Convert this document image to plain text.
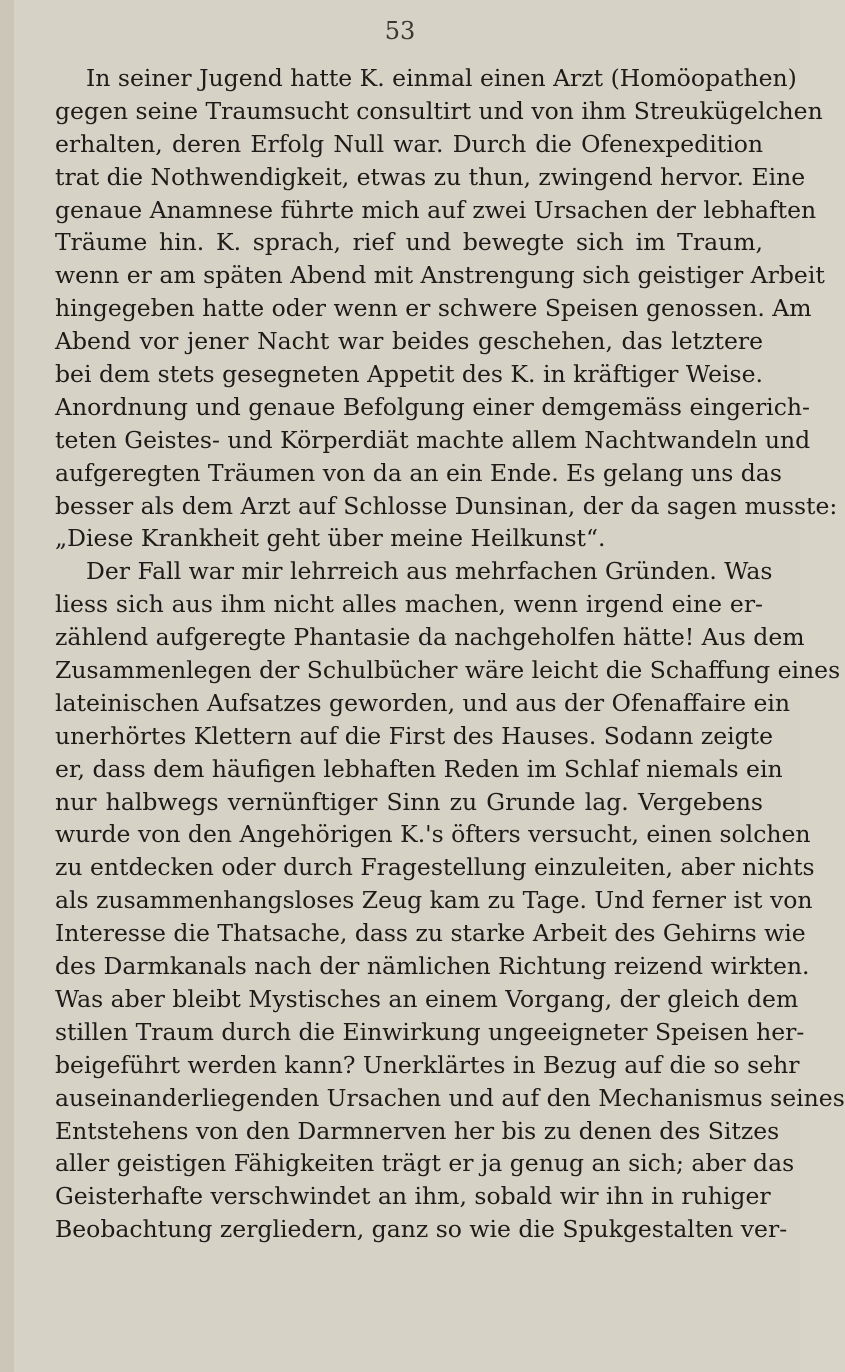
53
In seiner Jugend hatte K. einmal einen Arzt (Homöopathen)
gegen seine Traumsucht consultirt und von ihm Streukügelchen
erhalten, deren Erfolg Null war. Durch die Ofenexpedition
trat die Nothwendigkeit, etwas zu thun, zwingend hervor. Eine
genaue Anamnese führte mich auf zwei Ursachen der lebhaften
Träume hin. K. sprach, rief und bewegte sich im Traum,
wenn er am späten Abend mit Anstrengung sich geistiger Arbeit
hingegeben hatte oder wenn er schwere Speisen genossen. Am
Abend vor jener Nacht war beides geschehen, das letztere
bei dem stets gesegneten Appetit des K. in kräftiger Weise.
Anordnung und genaue Befolgung einer demgemäss eingerich-
teten Geistes- und Körperdiät machte allem Nachtwandeln und
aufgeregten Träumen von da an ein Ende. Es gelang uns das
besser als dem Arzt auf Schlosse Dunsinan, der da sagen musste:
„Diese Krankheit geht über meine Heilkunst“.
Der Fall war mir lehrreich aus mehrfachen Gründen. Was
liess sich aus ihm nicht alles machen, wenn irgend eine er-
zählend aufgeregte Phantasie da nachgeholfen hätte! Aus dem
Zusammenlegen der Schulbücher wäre leicht die Schaffung eines
lateinischen Aufsatzes geworden, und aus der Ofenaffaire ein
unerhörtes Klettern auf die First des Hauses. Sodann zeigte
er, dass dem häufigen lebhaften Reden im Schlaf niemals ein
nur halbwegs vernünftiger Sinn zu Grunde lag. Vergebens
wurde von den Angehörigen K.'s öfters versucht, einen solchen
zu entdecken oder durch Fragestellung einzuleiten, aber nichts
als zusammenhangsloses Zeug kam zu Tage. Und ferner ist von
Interesse die Thatsache, dass zu starke Arbeit des Gehirns wie
des Darmkanals nach der nämlichen Richtung reizend wirkten.
Was aber bleibt Mystisches an einem Vorgang, der gleich dem
stillen Traum durch die Einwirkung ungeeigneter Speisen her-
beigeführt werden kann? Unerklärtes in Bezug auf die so sehr
auseinanderliegenden Ursachen und auf den Mechanismus seines
Entstehens von den Darmnerven her bis zu denen des Sitzes
aller geistigen Fähigkeiten trägt er ja genug an sich; aber das
Geisterhafte verschwindet an ihm, sobald wir ihn in ruhiger
Beobachtung zergliedern, ganz so wie die Spukgestalten ver-
